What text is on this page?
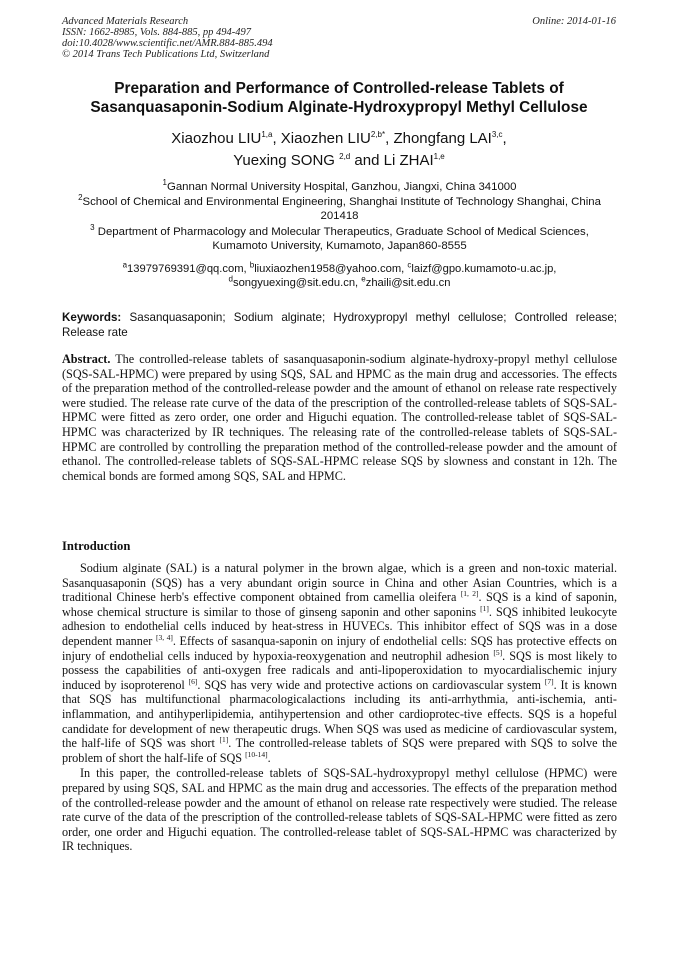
Advanced Materials Research
ISSN: 1662-8985, Vols. 884-885, pp 494-497
doi:10.4028/www.scientific.net/AMR.884-885.494
© 2014 Trans Tech Publications Ltd, Switzerland
Online: 2014-01-16
Preparation and Performance of Controlled-release Tablets of
Sasanquasaponin-Sodium Alginate-Hydroxypropyl Methyl Cellulose
Xiaozhou LIU$^{1,a}$, Xiaozhen $LIU^{2,b*}$, Zhongfang LAI$^{3,c}$,
Yuexing SONG $^{2,d}$ and Li ZHAI$^{1,e}$
$^1$Gannan Normal University Hospital, Ganzhou, Jiangxi, China 341000
$^2$School of Chemical and Environmental Engineering, Shanghai Institute of Technology Shanghai, China 201418
$^3$ Department of Pharmacology and Molecular Therapeutics, Graduate School of Medical Sciences, Kumamoto University, Kumamoto, Japan860-8555
$^a$13979769391@qq.com, $^b$liuxiaozhen1958@yahoo.com, $^c$laizf@gpo.kumamoto-u.ac.jp,
$^d$songyuexing@sit.edu.cn, $^e$zhaili@sit.edu.cn
Keywords: Sasanquasaponin; Sodium alginate; Hydroxypropyl methyl cellulose; Controlled release; Release rate
Abstract. The controlled-release tablets of sasanquasaponin-sodium alginate-hydroxy-propyl methyl cellulose (SQS-SAL-HPMC) were prepared by using SQS, SAL and HPMC as the main drug and accessories. The effects of the preparation method of the controlled-release powder and the amount of ethanol on release rate respectively were studied. The release rate curve of the data of the prescription of the controlled-release tablets of SQS-SAL-HPMC were fitted as zero order, one order and Higuchi equation. The controlled-release tablet of SQS-SAL-HPMC was characterized by IR techniques. The releasing rate of the controlled-release tablets of SQS-SAL-HPMC are controlled by controlling the preparation method of the controlled-release powder and the amount of ethanol. The controlled-release tablets of SQS-SAL-HPMC release SQS by slowness and constant in 12h. The chemical bonds are formed among SQS, SAL and HPMC.
Introduction

Sodium alginate (SAL) is a natural polymer in the brown algae, which is a green and non-toxic material. Sasanquasaponin (SQS) has a very abundant origin source in China and other Asian Countries, which is a traditional Chinese herb's effective component obtained from camellia oleifera [1, 2]. SQS is a kind of saponin, whose chemical structure is similar to those of ginseng saponin and other saponins [1]. SQS inhibited leukocyte adhesion to endothelial cells induced by heat-stress in HUVECs. This inhibitor effect of SQS was in a dose dependent manner [3, 4]. Effects of sasanqua-saponin on injury of endothelial cells: SQS has protective effects on injury of endothelial cells induced by hypoxia-reoxygenation and neutrophil adhesion [5]. SQS is most likely to possess the capabilities of anti-oxygen free radicals and anti-lipoperoxidation to myocardialischemic injury induced by isoproterenol [6]. SQS has very wide and protective actions on cardiovascular system [7]. It is known that SQS has multifunctional pharmacologicalactions including its anti-arrhythmia, anti-ischemia, anti-inflammation, and antihyperlipidemia, antihypertension and other cardioprotec-tive effects. SQS is a hopeful candidate for development of new therapeutic drugs. When SQS was used as medicine of cardiovascular system, the half-life of SQS was short [1]. The controlled-release tablets of SQS were prepared with SQS to solve the problem of short the half-life of SQS [10-14].

In this paper, the controlled-release tablets of SQS-SAL-hydroxypropyl methyl cellulose (HPMC) were prepared by using SQS, SAL and HPMC as the main drug and accessories. The effects of the preparation method of the controlled-release powder and the amount of ethanol on release rate respectively were studied. The release rate curve of the data of the prescription of the controlled-release tablets of SQS-SAL-HPMC were fitted as zero order, one order and Higuchi equation. The controlled-release tablet of SQS-SAL-HPMC was characterized by IR techniques.
